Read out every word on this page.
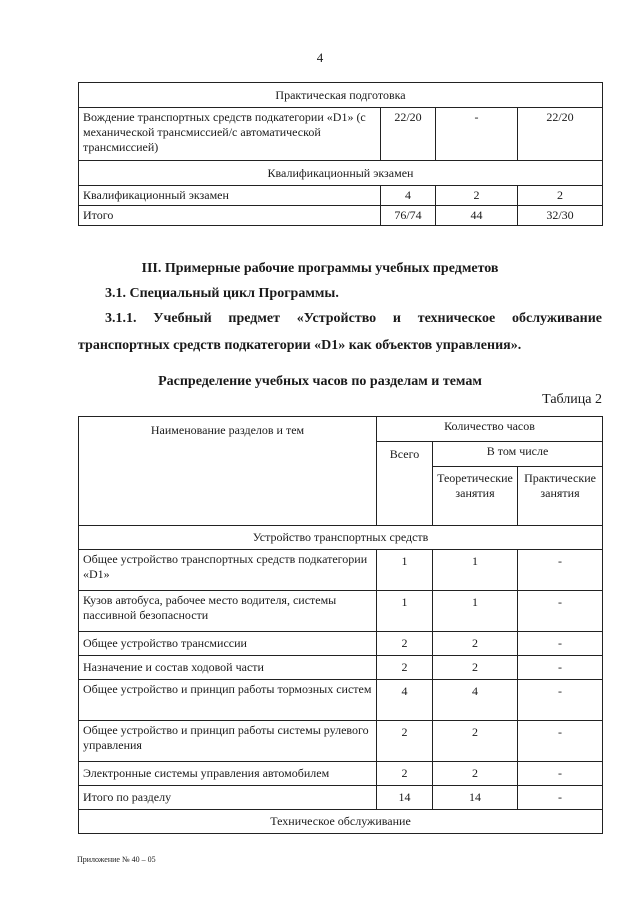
4
Практическая подготовка			
Вождение транспортных средств подкатегории «D1» (с механической трансмиссией/с автоматической трансмиссией)	22/20	-	22/20
Квалификационный экзамен			
Квалификационный экзамен	4	2	2
Итого	76/74	44	32/30

III. Примерные рабочие программы учебных предметов

3.1. Специальный цикл Программы.

3.1.1. Учебный предмет «Устройство и техническое обслуживание транспортных средств подкатегории «D1» как объектов управления».

Распределение учебных часов по разделам и темам

Таблица 2
Наименование разделов и тем	Количество часов		
	Всего	В том числе	
		Теоретические занятия	Практические занятия
Устройство транспортных средств			
Общее устройство транспортных средств подкатегории «D1»	1	1	-
Кузов автобуса, рабочее место водителя, системы пассивной безопасности	1	1	-
Общее устройство трансмиссии	2	2	-
Назначение и состав ходовой части	2	2	-
Общее устройство и принцип работы тормозных систем	4	4	-
Общее устройство и принцип работы системы рулевого управления	2	2	-
Электронные системы управления автомобилем	2	2	-
Итого по разделу	14	14	-
Техническое обслуживание			
Приложение № 40 – 05
